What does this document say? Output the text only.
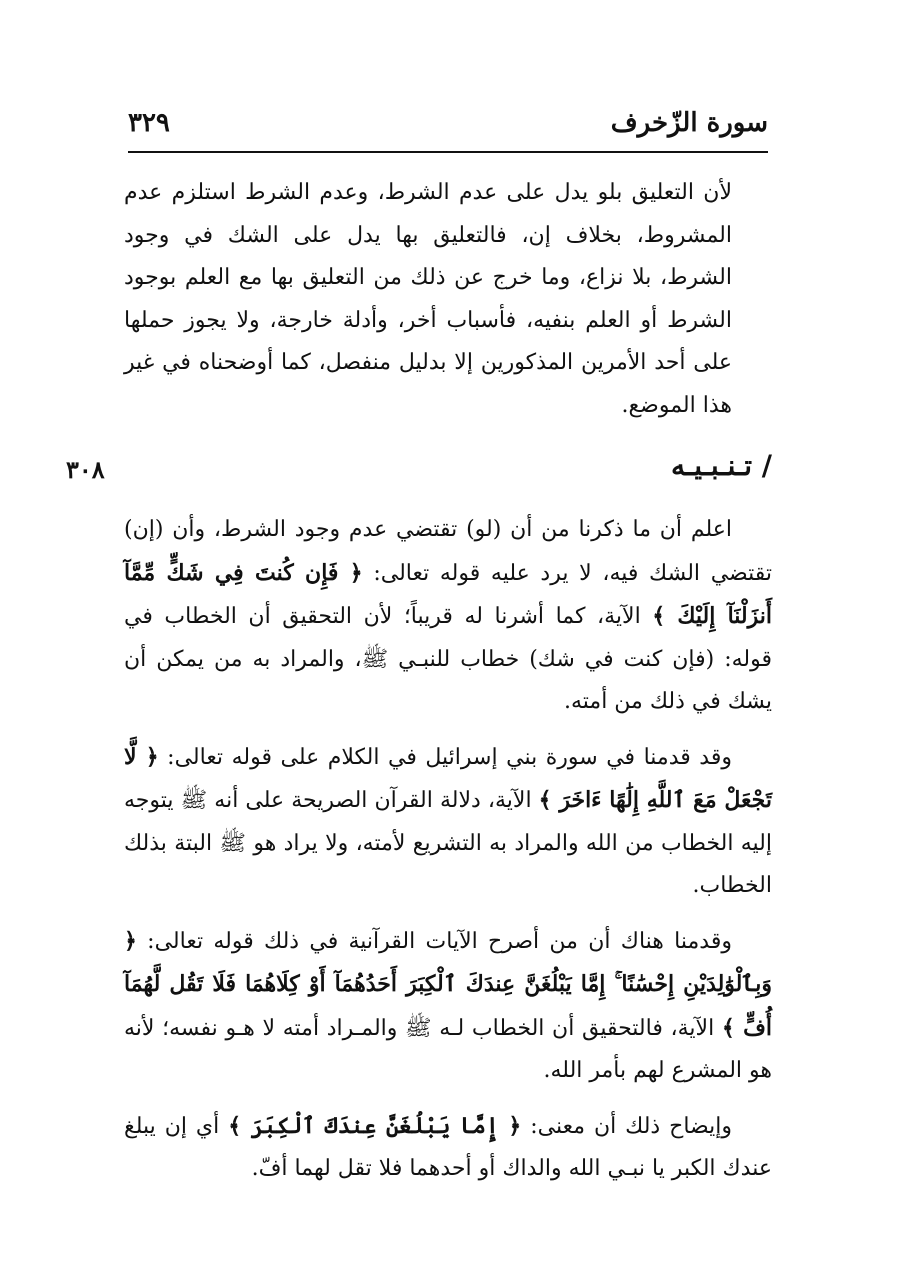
سورة الزّخرف
٣٢٩

لأن التعليق بلو يدل على عدم الشرط، وعدم الشرط استلزم عدم المشروط، بخلاف إن، فالتعليق بها يدل على الشك في وجود الشرط، بلا نزاع، وما خرج عن ذلك من التعليق بها مع العلم بوجود الشرط أو العلم بنفيه، فأسباب أخر، وأدلة خارجة، ولا يجوز حملها على أحد الأمرين المذكورين إلا بدليل منفصل، كما أوضحناه في غير هذا الموضع.

/ تـنـبـيـه
٣٠٨

اعلم أن ما ذكرنا من أن (لو) تقتضي عدم وجود الشرط، وأن (إن) تقتضي الشك فيه، لا يرد عليه قوله تعالى: ﴿ فَإِن كُنتَ فِي شَكٍّ مِّمَّآ أَنزَلْنَآ إِلَيْكَ ﴾ الآية، كما أشرنا له قريباً؛ لأن التحقيق أن الخطاب في قوله: (فإن كنت في شك) خطاب للنبـي ﷺ، والمراد به من يمكن أن يشك في ذلك من أمته.

وقد قدمنا في سورة بني إسرائيل في الكلام على قوله تعالى: ﴿ لَّا تَجْعَلْ مَعَ ٱللَّهِ إِلَٰهًا ءَاخَرَ ﴾ الآية، دلالة القرآن الصريحة على أنه ﷺ يتوجه إليه الخطاب من الله والمراد به التشريع لأمته، ولا يراد هو ﷺ البتة بذلك الخطاب.

وقدمنا هناك أن من أصرح الآيات القرآنية في ذلك قوله تعالى: ﴿ وَبِٱلْوَٰلِدَيْنِ إِحْسَٰنًا ۚ إِمَّا يَبْلُغَنَّ عِندَكَ ٱلْكِبَرَ أَحَدُهُمَآ أَوْ كِلَاهُمَا فَلَا تَقُل لَّهُمَآ أُفٍّ ﴾ الآية، فالتحقيق أن الخطاب لـه ﷺ والمـراد أمته لا هـو نفسه؛ لأنه هو المشرع لهم بأمر الله.

وإيضاح ذلك أن معنى: ﴿ إِمَّا يَبْلُغَنَّ عِندَكَ ٱلْكِبَرَ ﴾ أي إن يبلغ عندك الكبر يا نبـي الله والداك أو أحدهما فلا تقل لهما أفّ.
